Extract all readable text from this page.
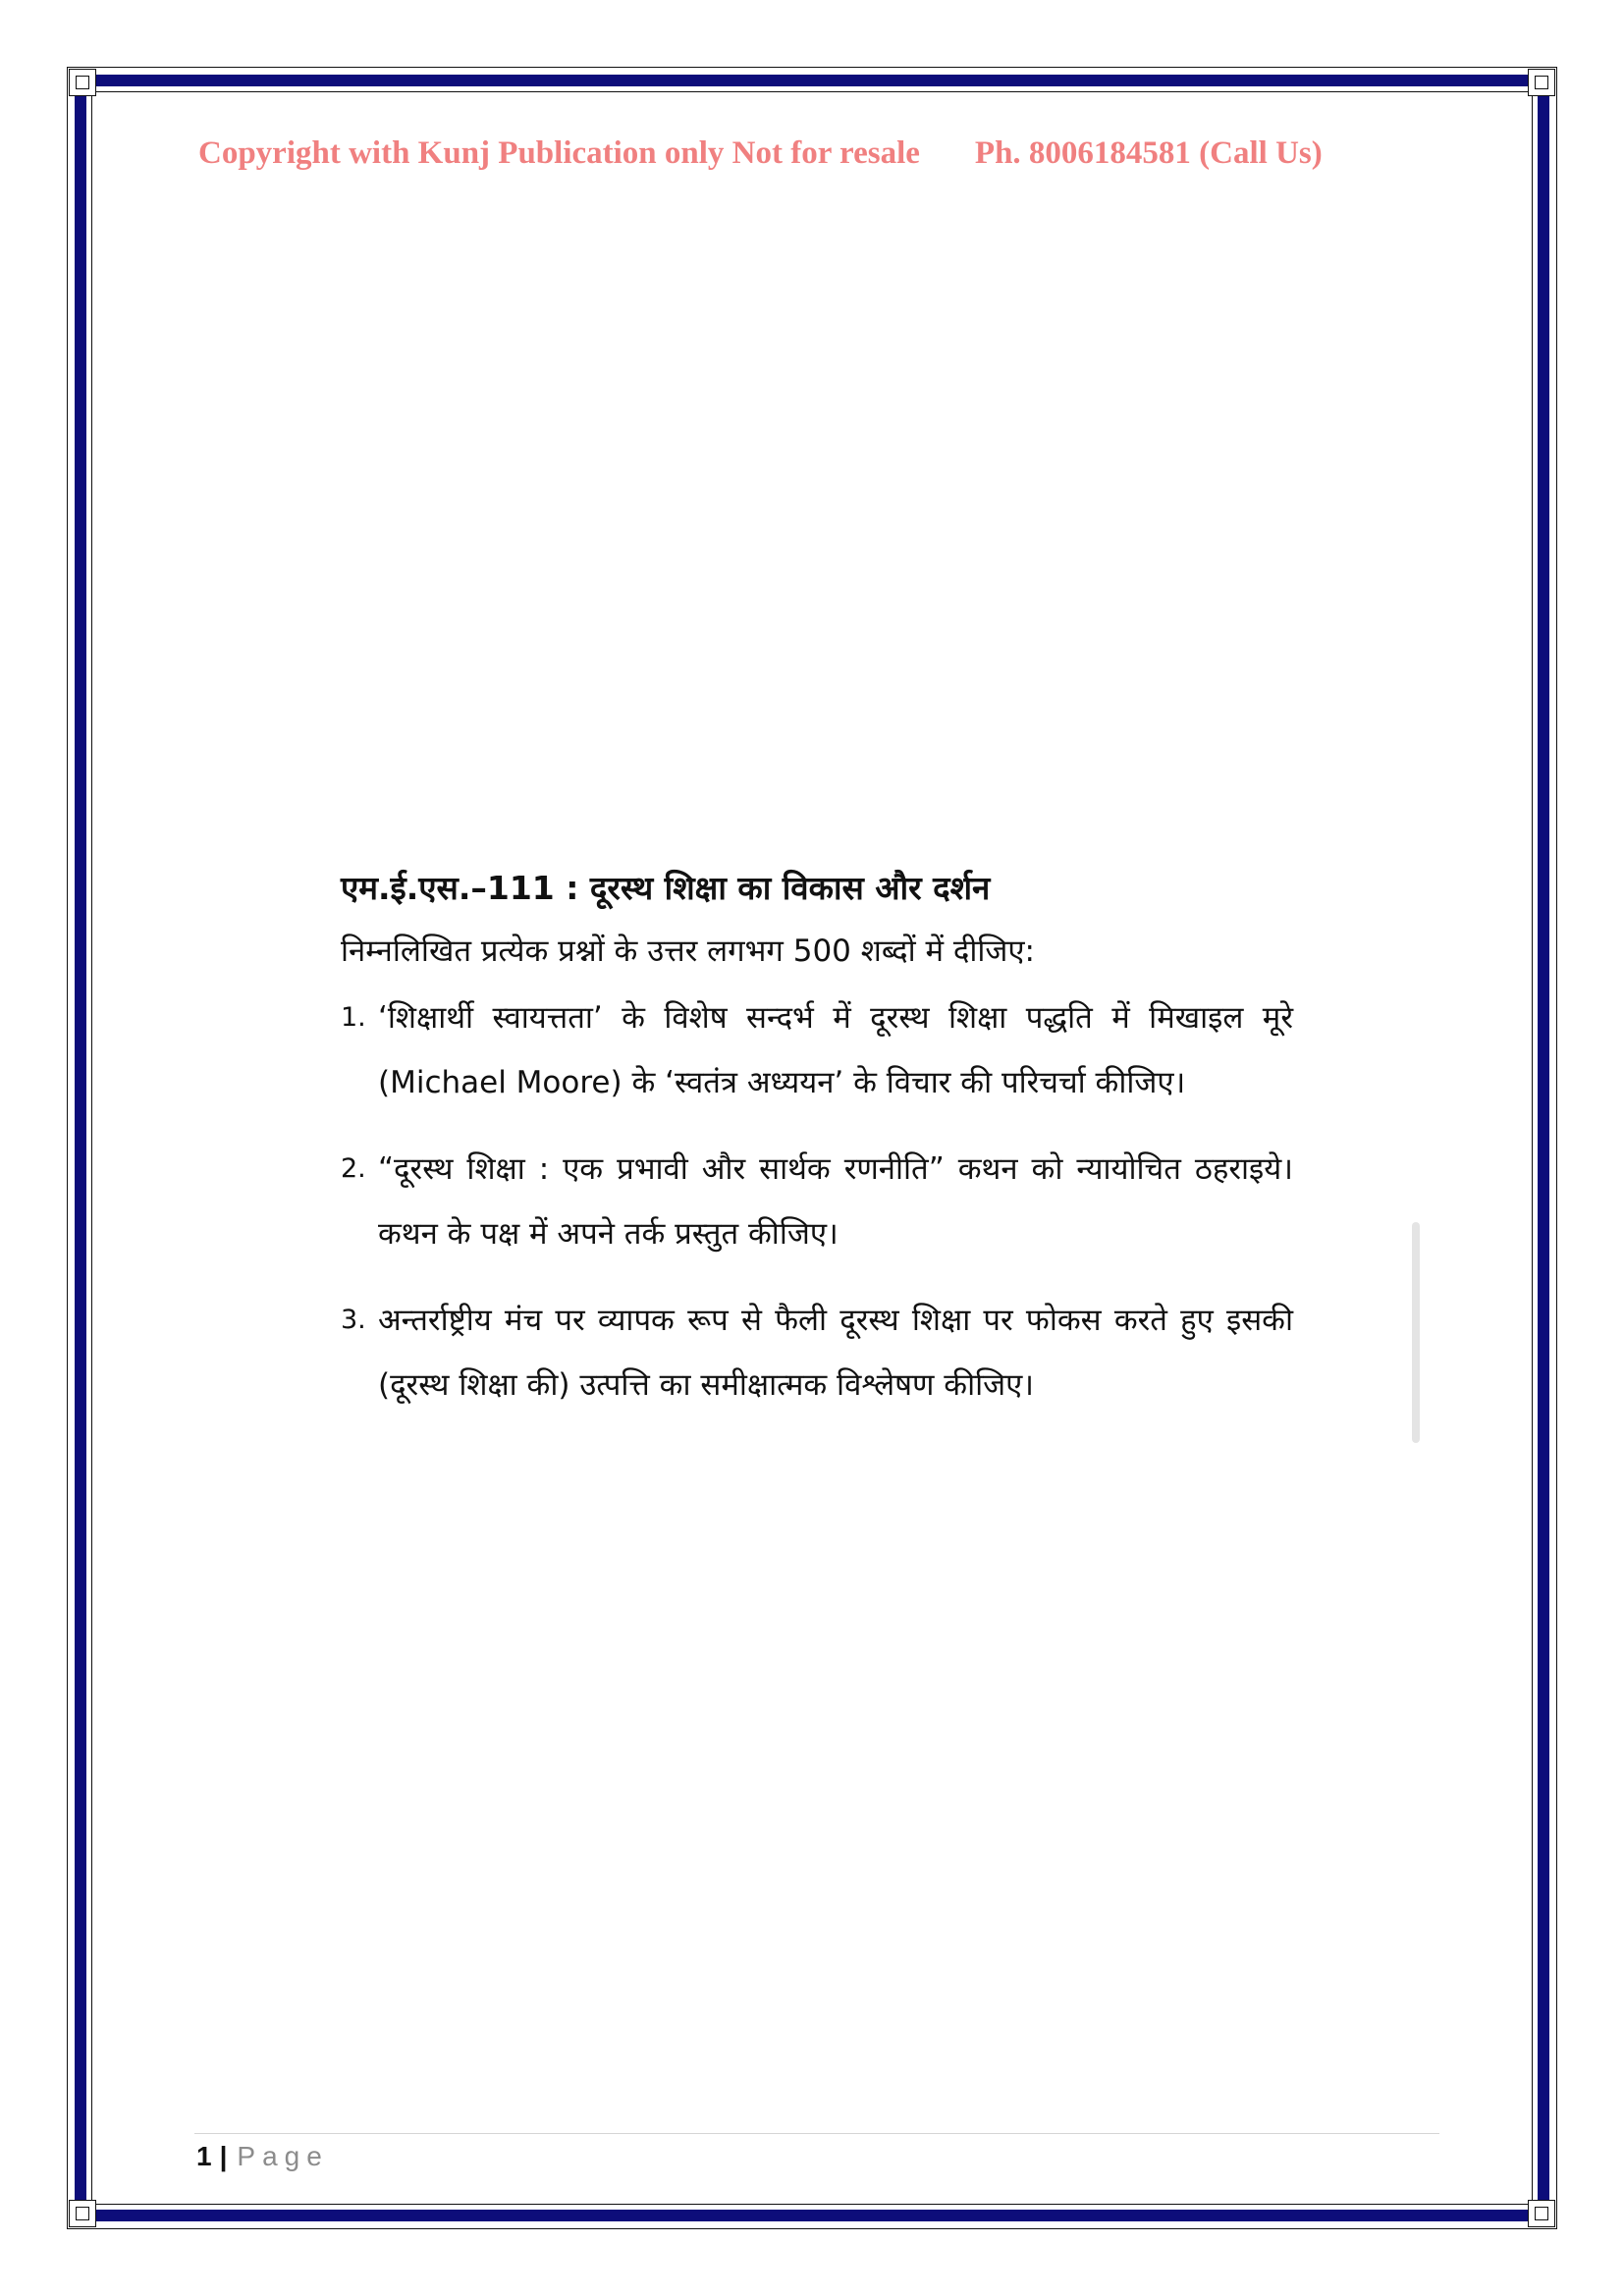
Copyright with Kunj Publication only Not for resale Ph. 8006184581 (Call Us)
एम.ई.एस.–111 : दूरस्थ शिक्षा का विकास और दर्शन
निम्नलिखित प्रत्येक प्रश्नों के उत्तर लगभग 500 शब्दों में दीजिए:
1. ‘शिक्षार्थी स्वायत्तता’ के विशेष सन्दर्भ में दूरस्थ शिक्षा पद्धति में मिखाइल मूरे (Michael Moore) के ‘स्वतंत्र अध्ययन’ के विचार की परिचर्चा कीजिए।
2. “दूरस्थ शिक्षा : एक प्रभावी और सार्थक रणनीति” कथन को न्यायोचित ठहराइये। कथन के पक्ष में अपने तर्क प्रस्तुत कीजिए।
3. अन्तर्राष्ट्रीय मंच पर व्यापक रूप से फैली दूरस्थ शिक्षा पर फोकस करते हुए इसकी (दूरस्थ शिक्षा की) उत्पत्ति का समीक्षात्मक विश्लेषण कीजिए।
1 | Page
